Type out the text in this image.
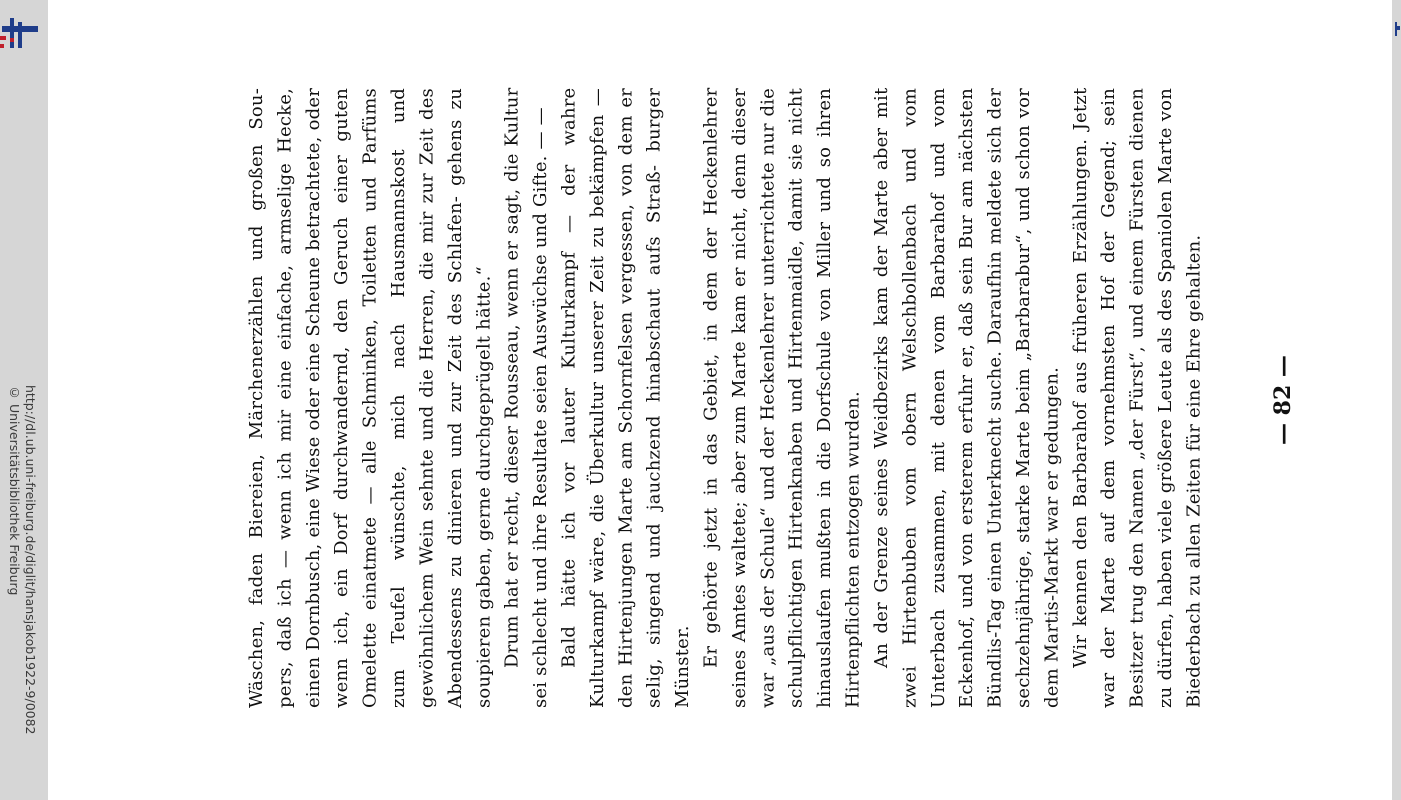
http://dl.ub.uni-freiburg.de/diglit/hansjakob1922-9/0082
© Universitätsbibliothek Freiburg	— 82 —

Wäschen, faden Biereien, Märchenerzählen und großen Sou- pers, daß ich — wenn ich mir eine einfache, armselige Hecke, einen Dornbusch, eine Wiese oder eine Scheune betrachtete, oder wenn ich, ein Dorf durchwandernd, den Geruch einer guten Omelette einatmete — alle Schminken, Toiletten und Parfüms zum Teufel wünschte, mich nach Hausmannskost und gewöhnlichem Wein sehnte und die Herren, die mir zur Zeit des Abendessens zu dinieren und zur Zeit des Schlafen- gehens zu soupieren gaben, gerne durchgeprügelt hätte.“ Drum hat er recht, dieser Rousseau, wenn er sagt, die Kultur sei schlecht und ihre Resultate seien Auswüchse und Gifte. — — Bald hätte ich vor lauter Kulturkampf — der wahre Kulturkampf wäre, die Überkultur unserer Zeit zu bekämpfen — den Hirtenjungen Marte am Schornfelsen vergessen, von dem er selig, singend und jauchzend hinabschaut aufs Straß- burger Münster. Er gehörte jetzt in das Gebiet, in dem der Heckenlehrer seines Amtes waltete; aber zum Marte kam er nicht, denn dieser war „aus der Schule“ und der Heckenlehrer unterrichtete nur die schulpflichtigen Hirtenknaben und Hirtenmaidle, damit sie nicht hinauslaufen mußten in die Dorfschule von Miller und so ihren Hirtenpflichten entzogen wurden. An der Grenze seines Weidbezirks kam der Marte aber mit zwei Hirtenbuben vom obern Welschbollenbach und vom Unterbach zusammen, mit denen vom Barbarahof und vom Eckenhof, und von ersterem erfuhr er, daß sein Bur am nächsten Bündlis-Tag einen Unterknecht suche. Daraufhin meldete sich der sechzehnjährige, starke Marte beim „Barbarabur“, und schon vor dem Martis-Markt war er gedungen. Wir kennen den Barbarahof aus früheren Erzählungen. Jetzt war der Marte auf dem vornehmsten Hof der Gegend; sein Besitzer trug den Namen „der Fürst“, und einem Fürsten dienen zu dürfen, haben viele größere Leute als des Spaniolen Marte von Biederbach zu allen Zeiten für eine Ehre gehalten.
